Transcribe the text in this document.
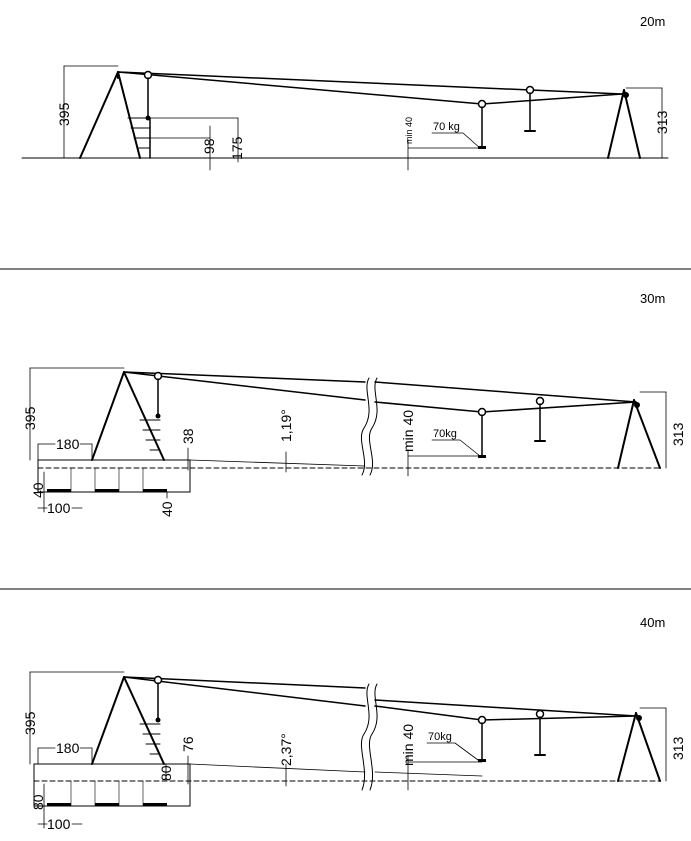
20m
395
98 175
min 40 70 kg	313
30m
395
180
40
100	40
38	1,19°	min 40 70kg	313
40m
395
180
80
100
80
76	2,37°	min 40 70kg	313
